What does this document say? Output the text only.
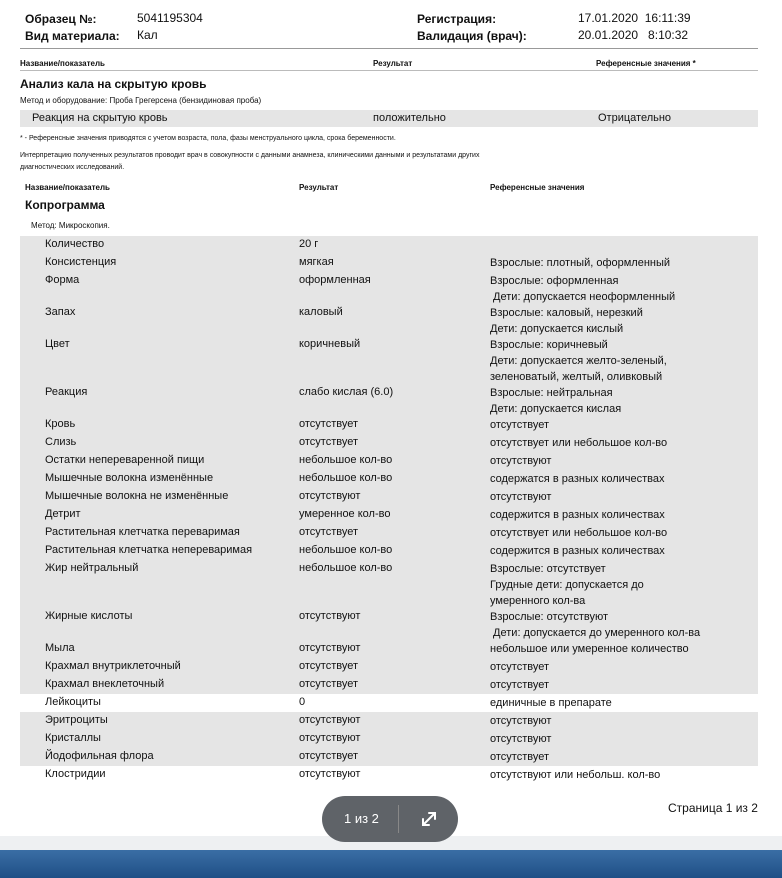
Образец №:	5041195304
Вид материала: Кал
Регистрация:	17.01.2020  16:11:39
Валидация (врач):	20.01.2020   8:10:32
Название/показатель	Результат	Референсные значения *
Анализ кала на скрытую кровь
Метод и оборудование: Проба Грегерсена (бензидиновая проба)
Реакция на скрытую кровь	положительно	Отрицательно
* - Референсные значения приводятся с учетом возраста, пола, фазы менструального цикла, срока беременности.
Интерпретацию полученных результатов проводит врач в совокупности с данными анамнеза, клиническими данными и результатами других
диагностических исследований.
Название/показатель	Результат	Референсные значения
Копрограмма
Метод: Микроскопия.
Количество	20 г
Консистенция	мягкая	Взрослые: плотный, оформленный
Форма	оформленная	Взрослые: оформленная
Дети: допускается неоформленный
Запах	каловый	Взрослые: каловый, нерезкий
Дети: допускается кислый
Цвет	коричневый	Взрослые: коричневый
Дети: допускается желто-зеленый,
зеленоватый, желтый, оливковый
Реакция	слабо кислая (6.0)	Взрослые: нейтральная
Дети: допускается кислая
Кровь	отсутствует	отсутствует
Слизь	отсутствует	отсутствует или небольшое кол-во
Остатки непереваренной пищи	небольшое кол-во	отсутствуют
Мышечные волокна изменённые	небольшое кол-во	содержатся в разных количествах
Мышечные волокна не изменённые	отсутствуют	отсутствуют
Детрит	умеренное кол-во	содержится в разных количествах
Растительная клетчатка переваримая	отсутствует	отсутствует или небольшое кол-во
Растительная клетчатка непереваримая	небольшое кол-во	содержится в разных количествах
Жир нейтральный	небольшое кол-во	Взрослые: отсутствует
Грудные дети: допускается до
умеренного кол-ва
Жирные кислоты	отсутствуют	Взрослые: отсутствуют
Дети: допускается до умеренного кол-ва
Мыла	отсутствуют	небольшое или умеренное количество
Крахмал внутриклеточный	отсутствует	отсутствует
Крахмал внеклеточный	отсутствует	отсутствует
Лейкоциты	0	единичные в препарате
Эритроциты	отсутствуют	отсутствуют
Кристаллы	отсутствуют	отсутствуют
Йодофильная флора	отсутствует	отсутствует
Клостридии	отсутствуют	отсутствуют или небольш. кол-во
Страница 1 из 2
1 из 2
